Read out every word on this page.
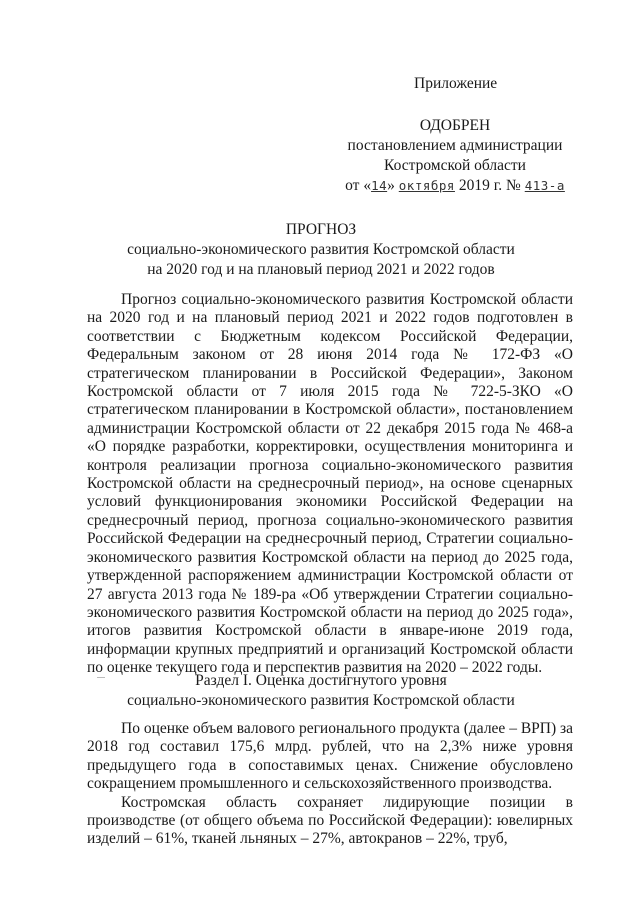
Приложение
ОДОБРЕН
постановлением администрации
Костромской области
от «14» октября 2019 г. № 413-а
ПРОГНОЗ
социально-экономического развития Костромской области
на 2020 год и на плановый период 2021 и 2022 годов

Прогноз социально-экономического развития Костромской области на 2020 год и на плановый период 2021 и 2022 годов подготовлен в соответствии с Бюджетным кодексом Российской Федерации, Федеральным законом от 28 июня 2014 года № 172-ФЗ «О стратегическом планировании в Российской Федерации», Законом Костромской области от 7 июля 2015 года № 722-5-ЗКО «О стратегическом планировании в Костромской области», постановлением администрации Костромской области от 22 декабря 2015 года № 468-а «О порядке разработки, корректировки, осуществления мониторинга и контроля реализации прогноза социально-экономического развития Костромской области на среднесрочный период», на основе сценарных условий функционирования экономики Российской Федерации на среднесрочный период, прогноза социально-экономического развития Российской Федерации на среднесрочный период, Стратегии социально-экономического развития Костромской области на период до 2025 года, утвержденной распоряжением администрации Костромской области от 27 августа 2013 года № 189-ра «Об утверждении Стратегии социально-экономического развития Костромской области на период до 2025 года», итогов развития Костромской области в январе-июне 2019 года, информации крупных предприятий и организаций Костромской области по оценке текущего года и перспектив развития на 2020 – 2022 годы.

Раздел I. Оценка достигнутого уровня
социально-экономического развития Костромской области

По оценке объем валового регионального продукта (далее – ВРП) за 2018 год составил 175,6 млрд. рублей, что на 2,3% ниже уровня предыдущего года в сопоставимых ценах. Снижение обусловлено сокращением промышленного и сельскохозяйственного производства.

Костромская область сохраняет лидирующие позиции в производстве (от общего объема по Российской Федерации): ювелирных изделий – 61%, тканей льняных – 27%, автокранов – 22%, труб,
